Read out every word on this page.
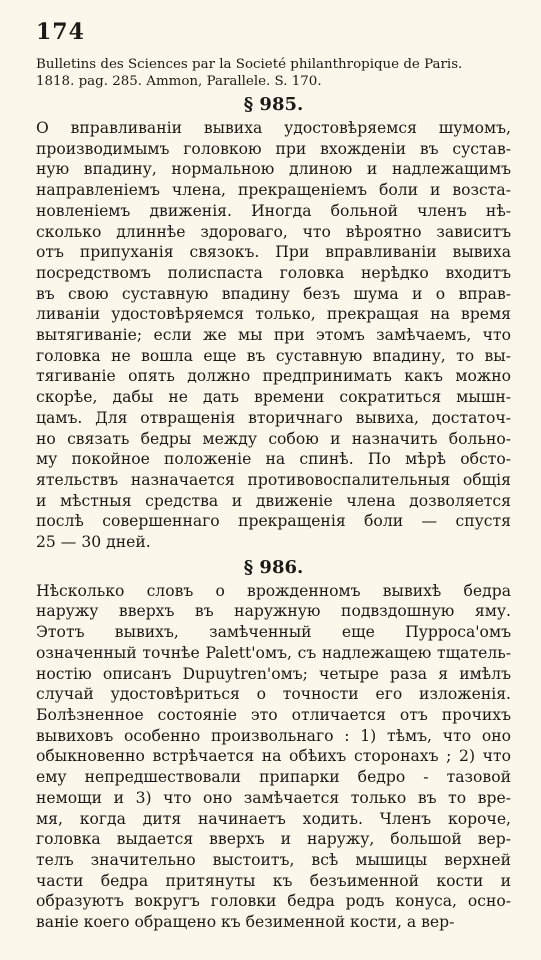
174

Bulletins des Sciences par la Societé philanthropique de Paris.

1818. pag. 285. Ammon, Parallele. S. 170.

§ 985.

О вправливанiи вывиха удостовѣряемся шумомъ,

производимымъ головкою при вхожденiи въ сустав-

ную впадину, нормальною длиною и надлежащимъ

направленiемъ члена, прекращенiемъ боли и возста-

новленiемъ движенiя. Иногда больной членъ нѣ-

сколько длиннѣе здороваго, что вѣроятно зависитъ

отъ припуханiя связокъ. При вправливанiи вывиха

посредствомъ полиспаста головка нерѣдко входитъ

въ свою суставную впадину безъ шума и о вправ-

ливанiи удостовѣряемся только, прекращая на время

вытягиванiе; если же мы при этомъ замѣчаемъ, что

головка не вошла еще въ суставную впадину, то вы-

тягиванiе опять должно предпринимать какъ можно

скорѣе, дабы не дать времени сократиться мышн-

цамъ. Для отвращенiя вторичнаго вывиха, достаточ-

но связать бедры между собою и назначить больно-

му покойное положенiе на спинѣ. По мѣрѣ обсто-

ятельствъ назначается противовоспалительныя общiя

и мѣстныя средства и движенiе члена дозволяется

послѣ совершеннаго прекращенiя боли — спустя

25 — 30 дней.

§ 986.

Нѣсколько словъ о врожденномъ вывихѣ бедра

наружу вверхъ въ наружную подвздошную яму.

Этотъ вывихъ, замѣченный еще Пурроса'омъ

означенный точнѣе Palett'омъ, съ надлежащею тщатель-

ностiю описанъ Dupuytren'омъ; четыре раза я имѣлъ

случай удостовѣриться о точности его изложенiя.

Болѣзненное состоянiе это отличается отъ прочихъ

вывиховъ особенно произвольнаго : 1) тѣмъ, что оно

обыкновенно встрѣчается на обѣихъ сторонахъ ; 2) что

ему непредшествовали припарки бедро - тазовой

немощи и 3) что оно замѣчается только въ то вре-

мя, когда дитя начинаетъ ходить. Членъ короче,

головка выдается вверхъ и наружу, большой вер-

телъ значительно выстоитъ, всѣ мышицы верхней

части бедра притянуты къ безъименной кости и

образуютъ вокругъ головки бедра родъ конуса, осно-

ванiе коего обращено къ безименной кости, а вер-
